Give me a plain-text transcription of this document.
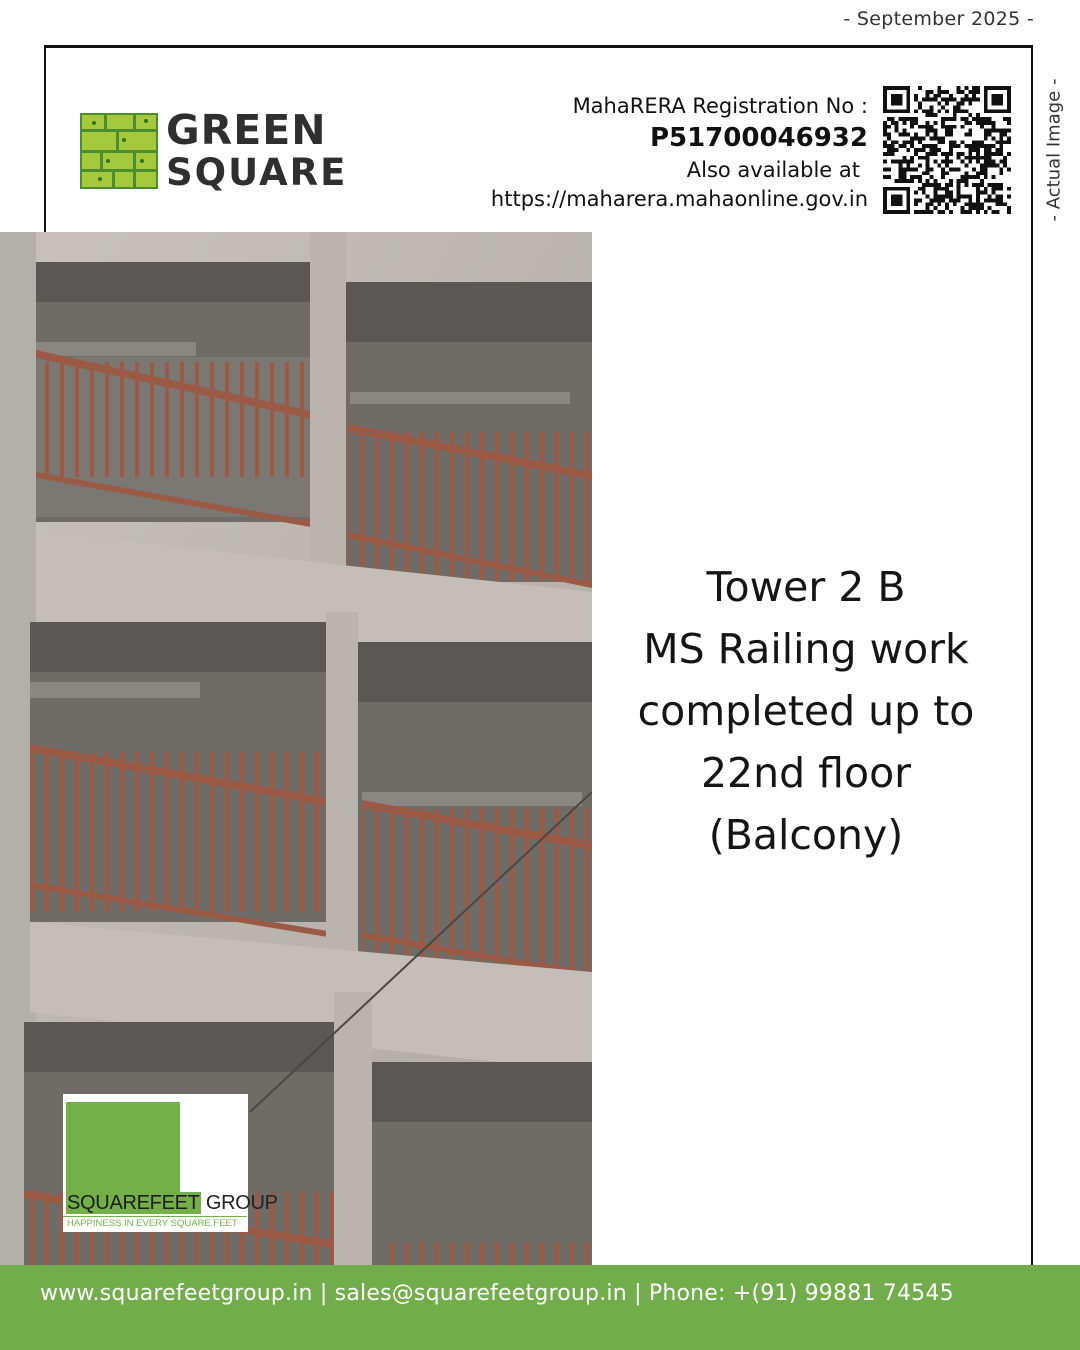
- September 2025 -
- Actual Image -
GREEN
SQUARE
MahaRERA Registration No :
P51700046932
Also available at
https://maharera.mahaonline.gov.in
Tower 2 B
MS Railing work
completed up to
22nd floor
(Balcony)
SQUAREFEET GROUP
HAPPINESS IN EVERY SQUARE FEET
www.squarefeetgroup.in | sales@squarefeetgroup.in | Phone: +(91) 99881 74545
